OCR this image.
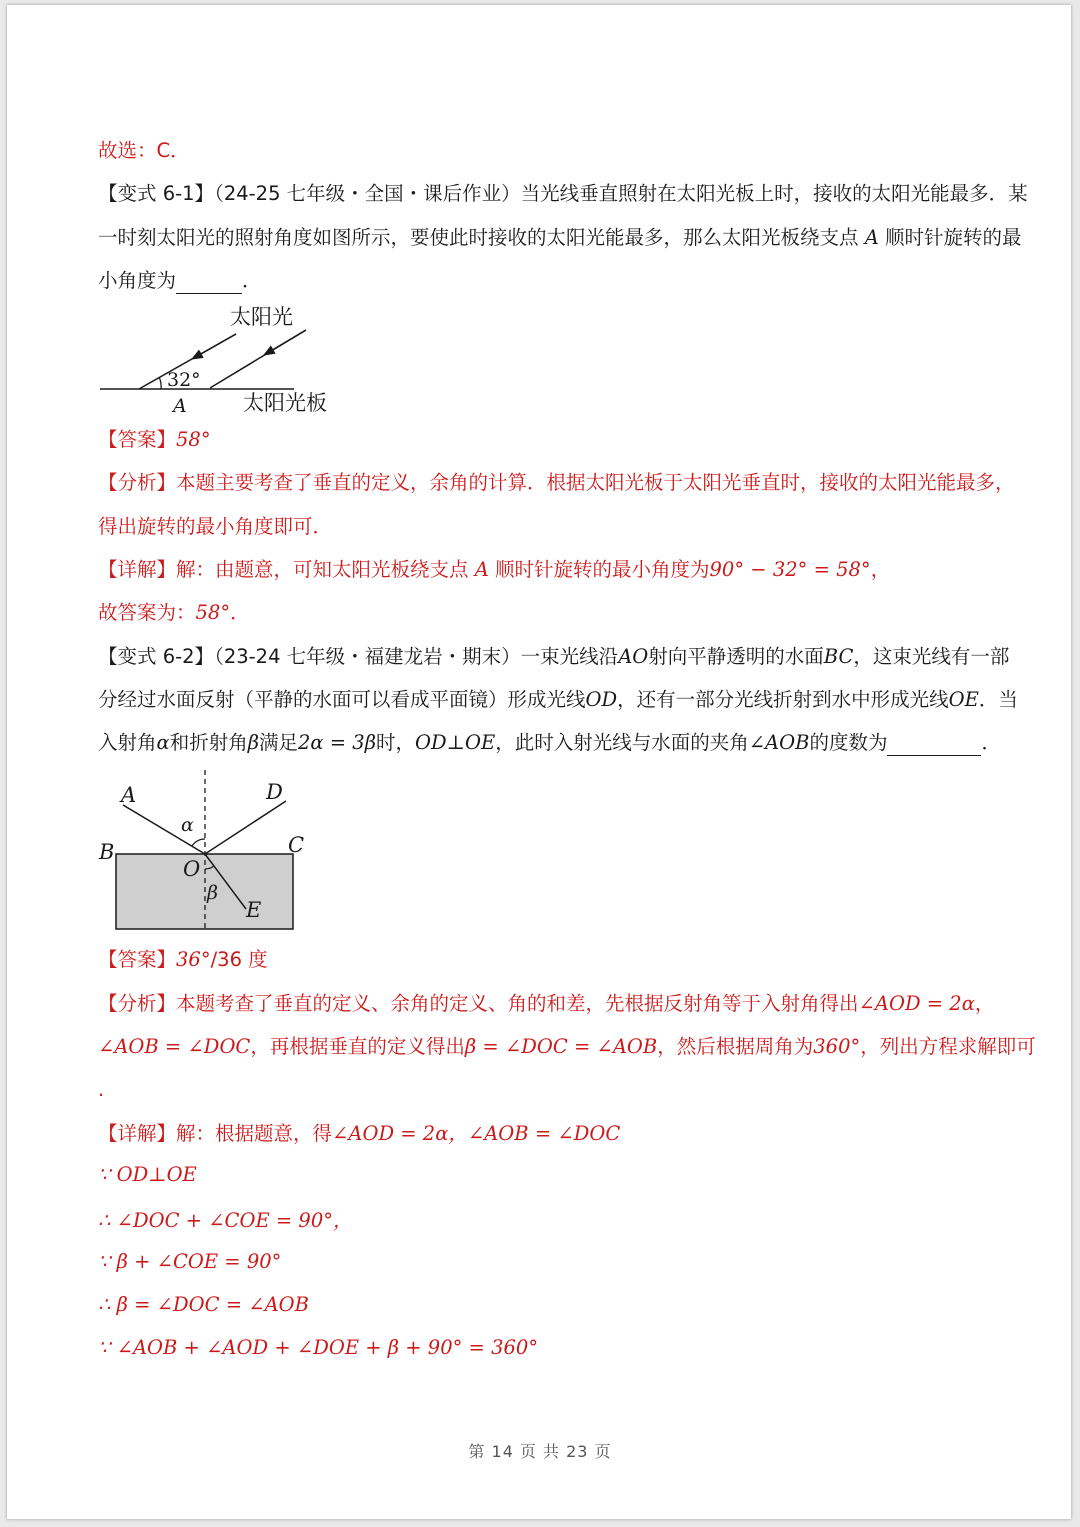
故选：C．

【变式 6-1】（24-25 七年级・全国・课后作业）当光线垂直照射在太阳光板上时，接收的太阳光能最多．某

一时刻太阳光的照射角度如图所示，要使此时接收的太阳光能最多，那么太阳光板绕支点 A 顺时针旋转的最

小角度为	．

太阳光
32°
A	太阳光板

【答案】58°

【分析】本题主要考查了垂直的定义，余角的计算．根据太阳光板于太阳光垂直时，接收的太阳光能最多，

得出旋转的最小角度即可．

【详解】解：由题意，可知太阳光板绕支点 A 顺时针旋转的最小角度为90° − 32° = 58°，

故答案为：58°．

【变式 6-2】（23-24 七年级・福建龙岩・期末）一束光线沿AO射向平静透明的水面BC，这束光线有一部

分经过水面反射（平静的水面可以看成平面镜）形成光线OD，还有一部分光线折射到水中形成光线OE．当

入射角α和折射角β满足2α = 3β时，OD⊥OE，此时入射光线与水面的夹角∠AOB的度数为	．

A	D
B	C
O
E
α
β

【答案】36°/36 度

【分析】本题考查了垂直的定义、余角的定义、角的和差，先根据反射角等于入射角得出∠AOD = 2α，

∠AOB = ∠DOC，再根据垂直的定义得出β = ∠DOC = ∠AOB，然后根据周角为360°，列出方程求解即可

.

【详解】解：根据题意，得∠AOD = 2α，∠AOB = ∠DOC

∵ OD⊥OE

∴ ∠DOC + ∠COE = 90°，

∵ β + ∠COE = 90°

∴ β = ∠DOC = ∠AOB

∵ ∠AOB + ∠AOD + ∠DOE + β + 90° = 360°

第 14 页 共 23 页
